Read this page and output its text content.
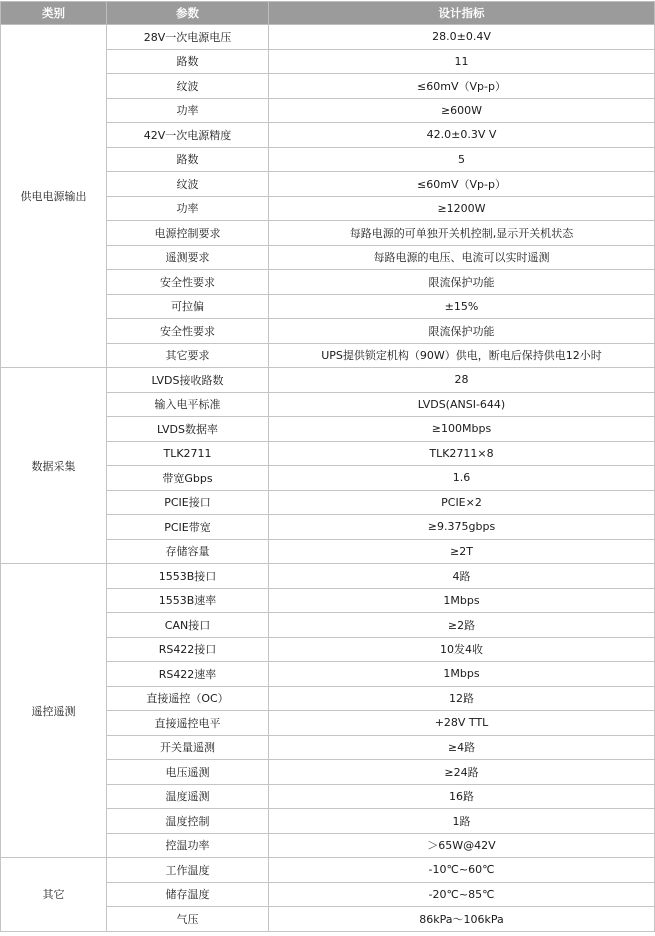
类别	参数	设计指标
供电电源输出	28V一次电源电压	28.0±0.4V
	路数	11
	纹波	≤60mV（Vp-p）
	功率	≥600W
	42V一次电源精度	42.0±0.3V V
	路数	5
	纹波	≤60mV（Vp-p）
	功率	≥1200W
	电源控制要求	每路电源的可单独开关机控制,显示开关机状态
	遥测要求	每路电源的电压、电流可以实时遥测
	安全性要求	限流保护功能
	可拉偏	±15%
	安全性要求	限流保护功能
	其它要求	UPS提供锁定机构（90W）供电，断电后保持供电12小时
数据采集	LVDS接收路数	28
	输入电平标准	LVDS(ANSI-644)
	LVDS数据率	≥100Mbps
	TLK2711	TLK2711×8
	带宽Gbps	1.6
	PCIE接口	PCIE×2
	PCIE带宽	≥9.375gbps
	存储容量	≥2T
遥控遥测	1553B接口	4路
	1553B速率	1Mbps
	CAN接口	≥2路
	RS422接口	10发4收
	RS422速率	1Mbps
	直接遥控（OC）	12路
	直接遥控电平	+28V TTL
	开关量遥测	≥4路
	电压遥测	≥24路
	温度遥测	16路
	温度控制	1路
	控温功率	＞65W@42V
其它	工作温度	-10℃~60℃
	储存温度	-20℃~85℃
	气压	86kPa～106kPa
